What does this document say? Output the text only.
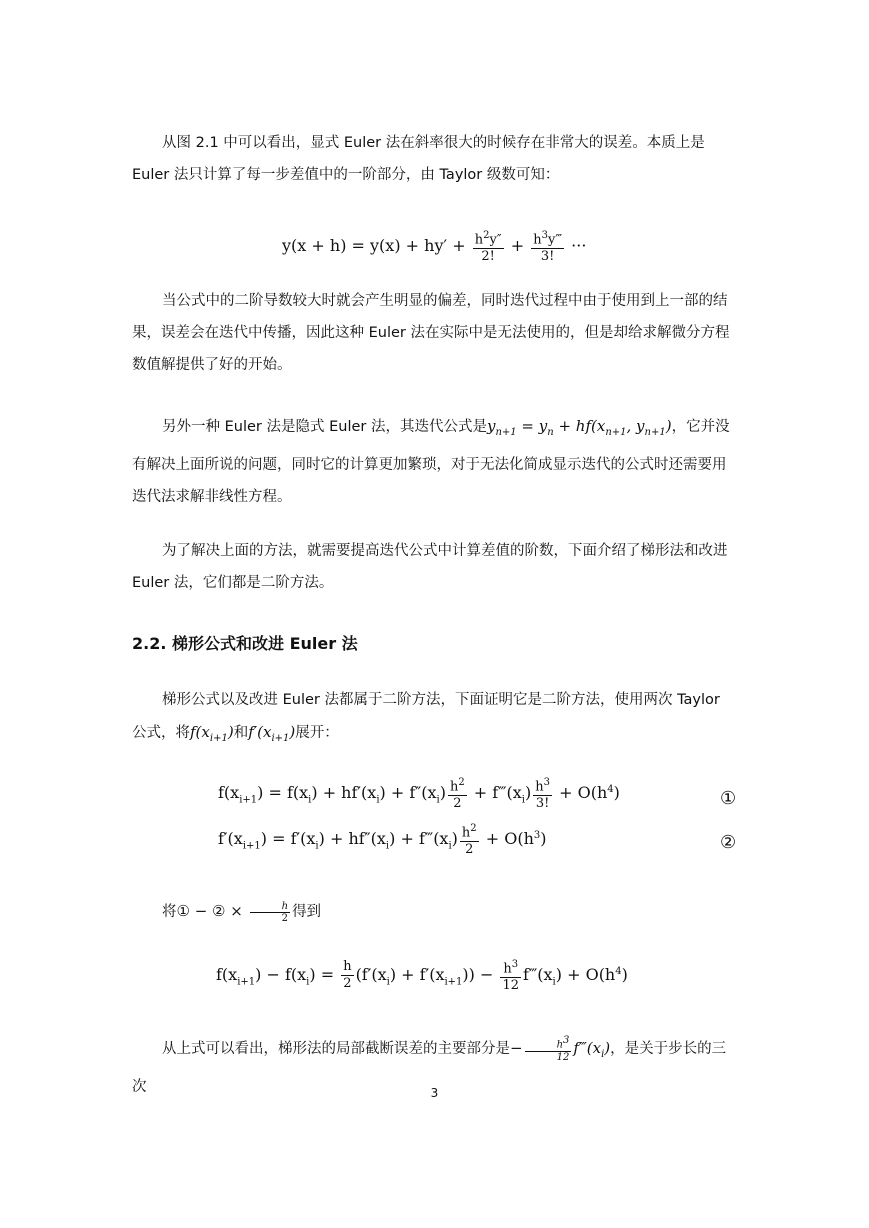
从图 2.1 中可以看出，显式 Euler 法在斜率很大的时候存在非常大的误差。本质上是 Euler 法只计算了每一步差值中的一阶部分，由 Taylor 级数可知：
$y(x + h) = y(x) + hy' + \frac{h^2y''}{2!} + \frac{h^3y‴}{3!}$ ···
当公式中的二阶导数较大时就会产生明显的偏差，同时迭代过程中由于使用到上一部的结果，误差会在迭代中传播，因此这种 Euler 法在实际中是无法使用的，但是却给求解微分方程数值解提供了好的开始。
另外一种 Euler 法是隐式 Euler 法，其迭代公式是$y_{n+1} = y_n + hf(x_{n+1}$, $y_{n+1}$)，它并没有解决上面所说的问题，同时它的计算更加繁琐，对于无法化简成显示迭代的公式时还需要用迭代法求解非线性方程。
为了解决上面的方法，就需要提高迭代公式中计算差值的阶数，下面介绍了梯形法和改进 Euler 法，它们都是二阶方法。
2.2. 梯形公式和改进 Euler 法
梯形公式以及改进 Euler 法都属于二阶方法，下面证明它是二阶方法，使用两次 Taylor 公式，将$f(x_{i+1})$和$f'(x_{i+1})$展开：
$f(x_{i+1}) = f(x_i) + hf'(x_i) + f''(x_i) \frac{h^2}{2}$ + $f‴(x_i) \frac{h^3}{3!} + O(h^4)$	①
$f'(x_{i+1}) = f'(x_i) + hf''(x_i)$ + $f‴(x_i) \frac{h^2}{2} + O(h^3)$	②
将① − ② × $\frac{h}{2}$ 得到
$f(x_{i+1}) - f(x_i) = \frac{h}{2} (f'(x_i) + f'(x_{i+1})) - \frac{h^3}{12}$ $f‴(x_i) + O(h^4)$
从上式可以看出，梯形法的局部截断误差的主要部分是− $\frac{h^3}{12}$ $f‴(x_i)$，是关于步长的三次	3
